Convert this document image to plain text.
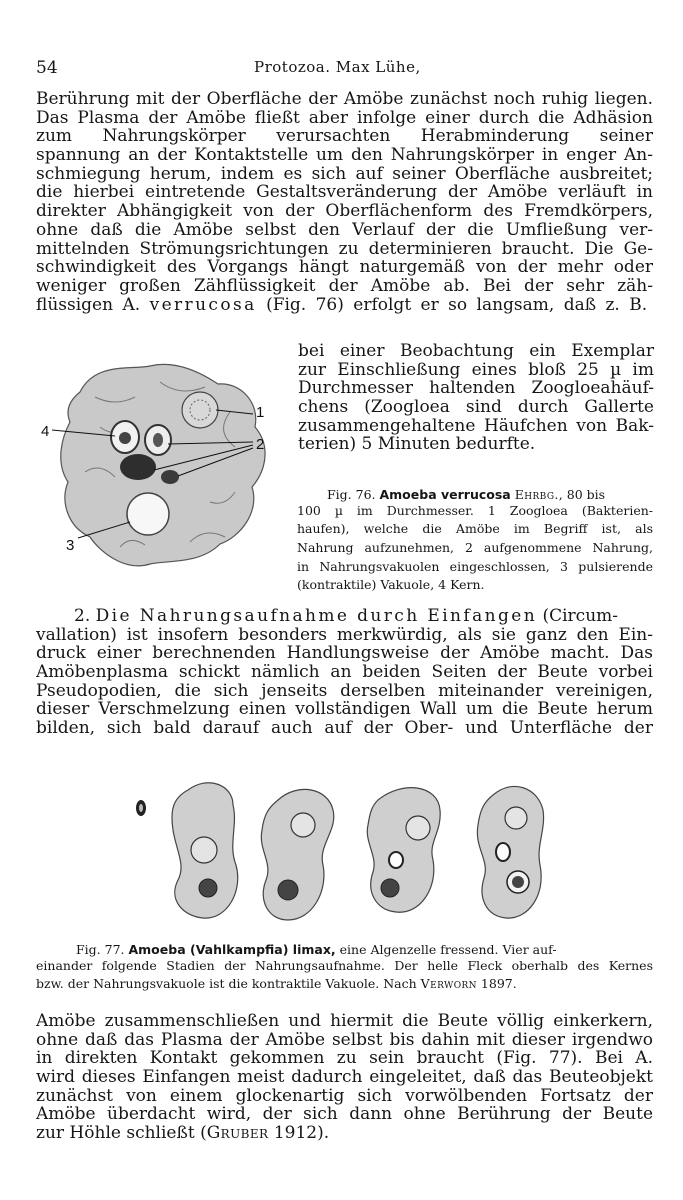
54	Protozoa. Max Lühe,
Berührung mit der Oberfläche der Amöbe zunächst noch ruhig liegen.
Das Plasma der Amöbe fließt aber infolge einer durch die Adhäsion
zum Nahrungskörper verursachten Herabminderung seiner
spannung an der Kontaktstelle um den Nahrungskörper in enger An-
schmiegung herum, indem es sich auf seiner Oberfläche ausbreitet;
die hierbei eintretende Gestaltsveränderung der Amöbe verläuft in
direkter Abhängigkeit von der Oberflächenform des Fremdkörpers,
ohne daß die Amöbe selbst den Verlauf der die Umfließung ver-
mittelnden Strömungsrichtungen zu determinieren braucht. Die Ge-
schwindigkeit des Vorgangs hängt naturgemäß von der mehr oder
weniger großen Zähflüssigkeit der Amöbe ab. Bei der sehr zäh-
flüssigen A. verrucosa (Fig. 76) erfolgt er so langsam, daß z. B.
bei einer Beobachtung ein Exemplar
zur Einschließung eines bloß 25 µ im
Durchmesser haltenden Zoogloeahäuf-
chens (Zoogloea sind durch Gallerte
zusammengehaltene Häufchen von Bak-
terien) 5 Minuten bedurfte.
1
2
4
3
Fig. 76. Amoeba verrucosa Ehrbg., 80 bis
100 µ im Durchmesser. 1 Zoogloea (Bakterien-
haufen), welche die Amöbe im Begriff ist, als
Nahrung aufzunehmen, 2 aufgenommene Nahrung,
in Nahrungsvakuolen eingeschlossen, 3 pulsierende
(kontraktile) Vakuole, 4 Kern.
2. Die Nahrungsaufnahme durch Einfangen (Circum-
vallation) ist insofern besonders merkwürdig, als sie ganz den Ein-
druck einer berechnenden Handlungsweise der Amöbe macht. Das
Amöbenplasma schickt nämlich an beiden Seiten der Beute vorbei
Pseudopodien, die sich jenseits derselben miteinander vereinigen,
dieser Verschmelzung einen vollständigen Wall um die Beute herum
bilden, sich bald darauf auch auf der Ober- und Unterfläche der
Fig. 77. Amoeba (Vahlkampfia) limax, eine Algenzelle fressend. Vier auf-
einander folgende Stadien der Nahrungsaufnahme. Der helle Fleck oberhalb des Kernes
bzw. der Nahrungsvakuole ist die kontraktile Vakuole. Nach Verworn 1897.
Amöbe zusammenschließen und hiermit die Beute völlig einkerkern,
ohne daß das Plasma der Amöbe selbst bis dahin mit dieser irgendwo
in direkten Kontakt gekommen zu sein braucht (Fig. 77). Bei A.
wird dieses Einfangen meist dadurch eingeleitet, daß das Beuteobjekt
zunächst von einem glockenartig sich vorwölbenden Fortsatz der
Amöbe überdacht wird, der sich dann ohne Berührung der Beute
zur Höhle schließt (Gruber 1912).
